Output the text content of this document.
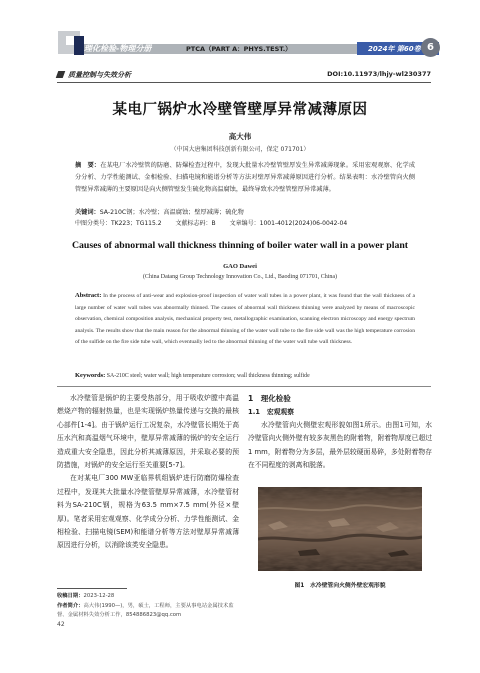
理化检验-物理分册	PTCA（PART A：PHYS.TEST.）	2024年 第60卷 6
质量控制与失效分析	DOI:10.11973/lhjy-wl230377
某电厂锅炉水冷壁管壁厚异常减薄原因
高大伟
（中国大唐集团科技创新有限公司，保定 071701）
摘　要：在某电厂水冷壁管的防磨、防爆检查过程中，发现大批量水冷壁管壁厚发生异常减薄现象。采用宏观观察、化学成分分析、力学性能测试、金相检验、扫描电镜和能谱分析等方法对壁厚异常减薄原因进行分析。结果表明：水冷壁管向火侧管壁异常减薄的主要原因是向火侧管壁发生硫化物高温腐蚀，最终导致水冷壁管壁厚异常减薄。
关键词：SA-210C钢；水冷壁；高温腐蚀；壁厚减薄；硫化物
中图分类号：TK223；TG115.2 文献标志码：B 文章编号：1001-4012(2024)06-0042-04
Causes of abnormal wall thickness thinning of boiler water wall in a power plant
GAO Dawei
(China Datang Group Technology Innovation Co., Ltd., Baoding 071701, China)
Abstract: In the process of anti-wear and explosion-proof inspection of water wall tubes in a power plant, it was found that the wall thickness of a large number of water wall tubes was abnormally thinned. The causes of abnormal wall thickness thinning were analyzed by means of macroscopic observation, chemical composition analysis, mechanical property test, metallographic examination, scanning electron microscopy and energy spectrum analysis. The results show that the main reason for the abnormal thinning of the water wall tube to the fire side wall was the high temperature corrosion of the sulfide on the fire side tube wall, which eventually led to the abnormal thinning of the water wall tube wall thickness.
Keywords: SA-210C steel; water wall; high temperature corrosion; wall thickness thinning; sulfide

水冷壁管是锅炉的主要受热部分，用于吸收炉膛中高温燃烧产物的辐射热量，也是实现锅炉热量传递与交换的最核心部件[1-4]。由于锅炉运行工况复杂，水冷壁管长期处于高压水汽和高温烟气环境中，壁厚异常减薄的锅炉的安全运行造成重大安全隐患，因此分析其减薄原因，并采取必要的预防措施，对锅炉的安全运行至关重要[5-7]。

在对某电厂300 MW亚临界机组锅炉进行防磨防爆检查过程中，发现其大批量水冷壁管壁厚异常减薄，水冷壁管材料为SA-210C钢，规格为63.5 mm×7.5 mm(外径×壁厚)。笔者采用宏观观察、化学成分分析、力学性能测试、金相检验、扫描电镜(SEM)和能谱分析等方法对壁厚异常减薄原因进行分析，以消除该类安全隐患。

1　理化检验
1.1　宏观观察

水冷壁管向火侧壁宏观形貌如图1所示。由图1可知，水冷壁管向火侧外壁有较多灰黑色的附着物，附着物厚度已超过1 mm，附着物分为多层，最外层较硬面易碎，多处附着物存在不同程度的剥离和脱落。

图1　水冷壁管向火侧外壁宏观形貌
收稿日期：2023-12-28
作者简介：高大伟(1990—)，男，硕士，工程师，主要从事电站金属技术监督、金属材料失效分析工作，854886823@qq.com
42
